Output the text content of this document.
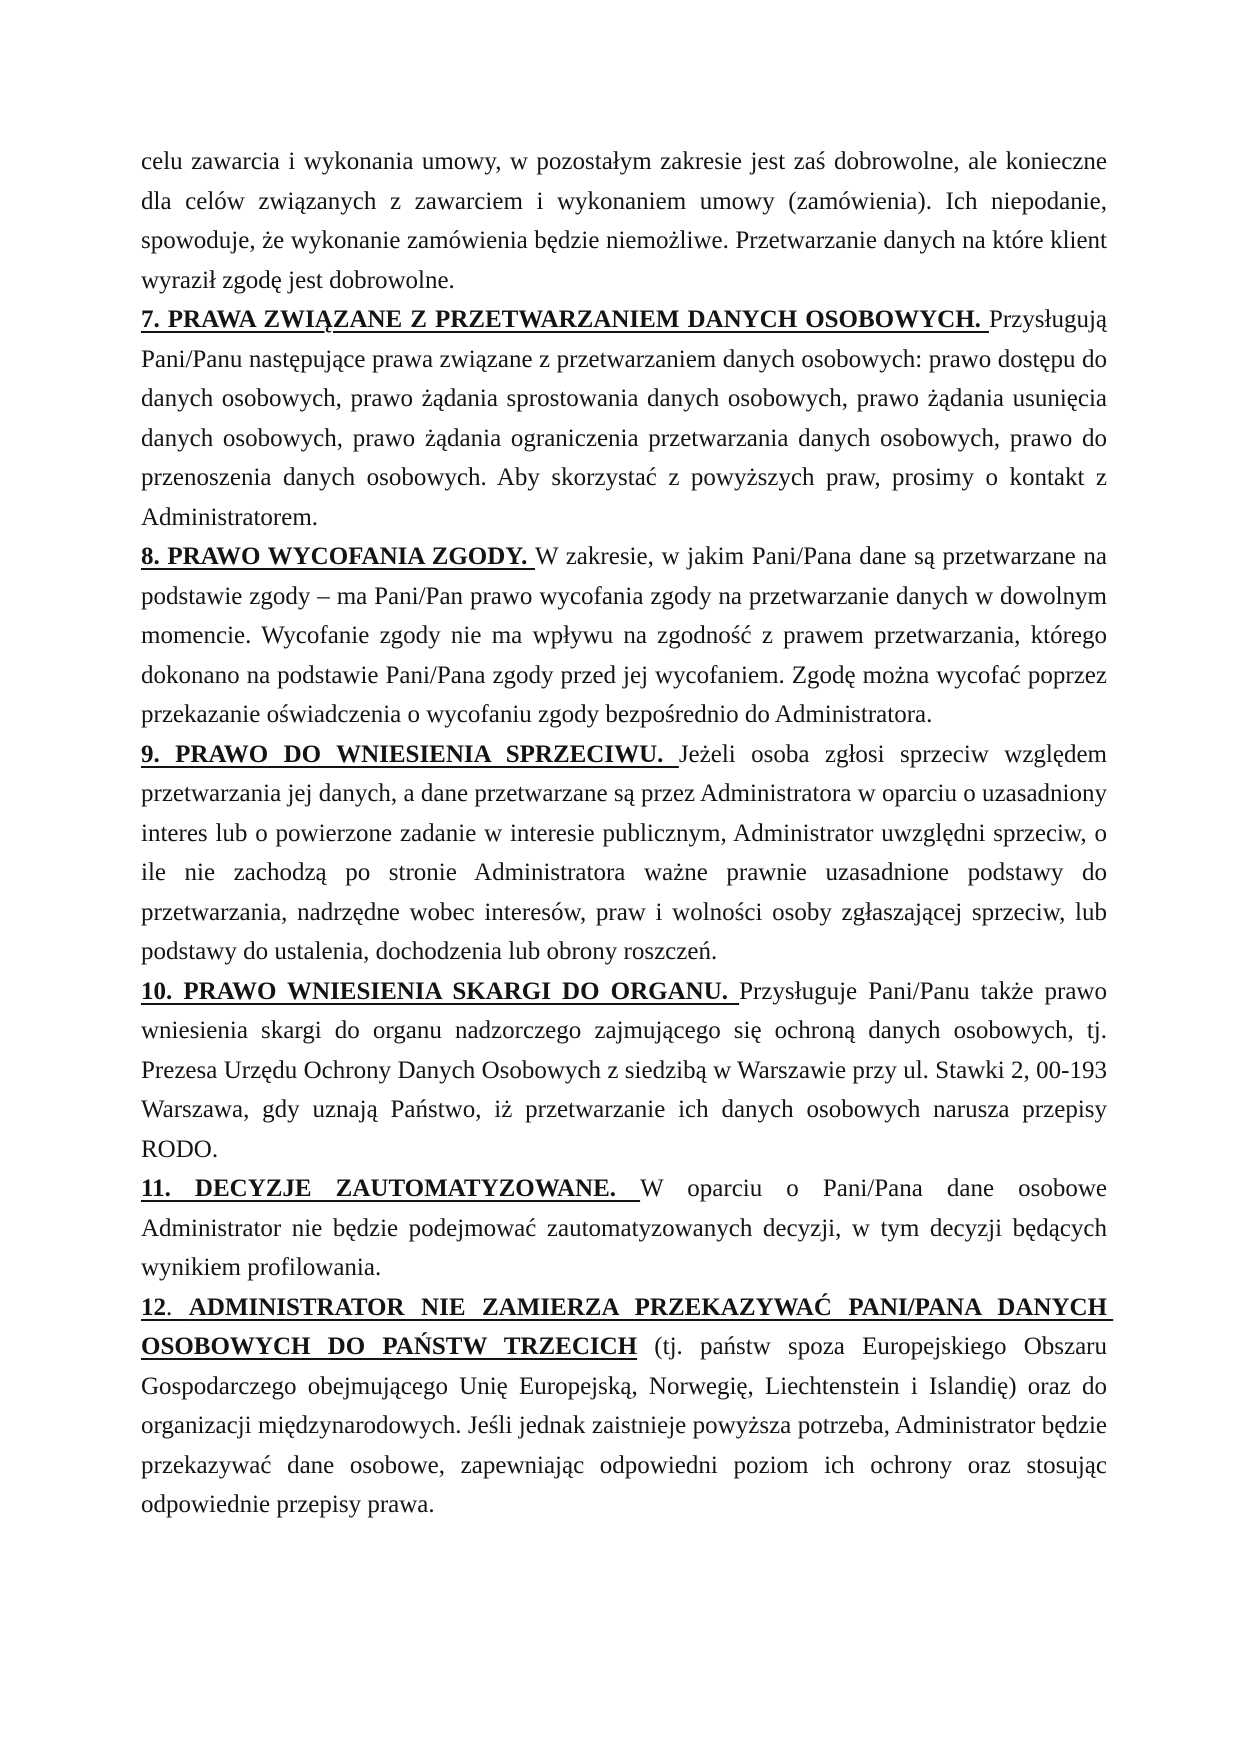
celu zawarcia i wykonania umowy, w pozostałym zakresie jest zaś dobrowolne, ale konieczne dla celów związanych z zawarciem i wykonaniem umowy (zamówienia). Ich niepodanie, spowoduje, że wykonanie zamówienia będzie niemożliwe. Przetwarzanie danych na które klient wyraził zgodę jest dobrowolne.

7. PRAWA ZWIĄZANE Z PRZETWARZANIEM DANYCH OSOBOWYCH. Przysługują Pani/Panu następujące prawa związane z przetwarzaniem danych osobowych: prawo dostępu do danych osobowych, prawo żądania sprostowania danych osobowych, prawo żądania usunięcia danych osobowych, prawo żądania ograniczenia przetwarzania danych osobowych, prawo do przenoszenia danych osobowych. Aby skorzystać z powyższych praw, prosimy o kontakt z Administratorem.

8. PRAWO WYCOFANIA ZGODY. W zakresie, w jakim Pani/Pana dane są przetwarzane na podstawie zgody – ma Pani/Pan prawo wycofania zgody na przetwarzanie danych w dowolnym momencie. Wycofanie zgody nie ma wpływu na zgodność z prawem przetwarzania, którego dokonano na podstawie Pani/Pana zgody przed jej wycofaniem. Zgodę można wycofać poprzez przekazanie oświadczenia o wycofaniu zgody bezpośrednio do Administratora.

9. PRAWO DO WNIESIENIA SPRZECIWU. Jeżeli osoba zgłosi sprzeciw względem przetwarzania jej danych, a dane przetwarzane są przez Administratora w oparciu o uzasadniony interes lub o powierzone zadanie w interesie publicznym, Administrator uwzględni sprzeciw, o ile nie zachodzą po stronie Administratora ważne prawnie uzasadnione podstawy do przetwarzania, nadrzędne wobec interesów, praw i wolności osoby zgłaszającej sprzeciw, lub podstawy do ustalenia, dochodzenia lub obrony roszczeń.

10. PRAWO WNIESIENIA SKARGI DO ORGANU. Przysługuje Pani/Panu także prawo wniesienia skargi do organu nadzorczego zajmującego się ochroną danych osobowych, tj. Prezesa Urzędu Ochrony Danych Osobowych z siedzibą w Warszawie przy ul. Stawki 2, 00-193 Warszawa, gdy uznają Państwo, iż przetwarzanie ich danych osobowych narusza przepisy RODO.

11. DECYZJE ZAUTOMATYZOWANE. W oparciu o Pani/Pana dane osobowe Administrator nie będzie podejmować zautomatyzowanych decyzji, w tym decyzji będących wynikiem profilowania.

12. ADMINISTRATOR NIE ZAMIERZA PRZEKAZYWAĆ PANI/PANA DANYCH OSOBOWYCH DO PAŃSTW TRZECICH (tj. państw spoza Europejskiego Obszaru Gospodarczego obejmującego Unię Europejską, Norwegię, Liechtenstein i Islandię) oraz do organizacji międzynarodowych. Jeśli jednak zaistnieje powyższa potrzeba, Administrator będzie przekazywać dane osobowe, zapewniając odpowiedni poziom ich ochrony oraz stosując odpowiednie przepisy prawa.
